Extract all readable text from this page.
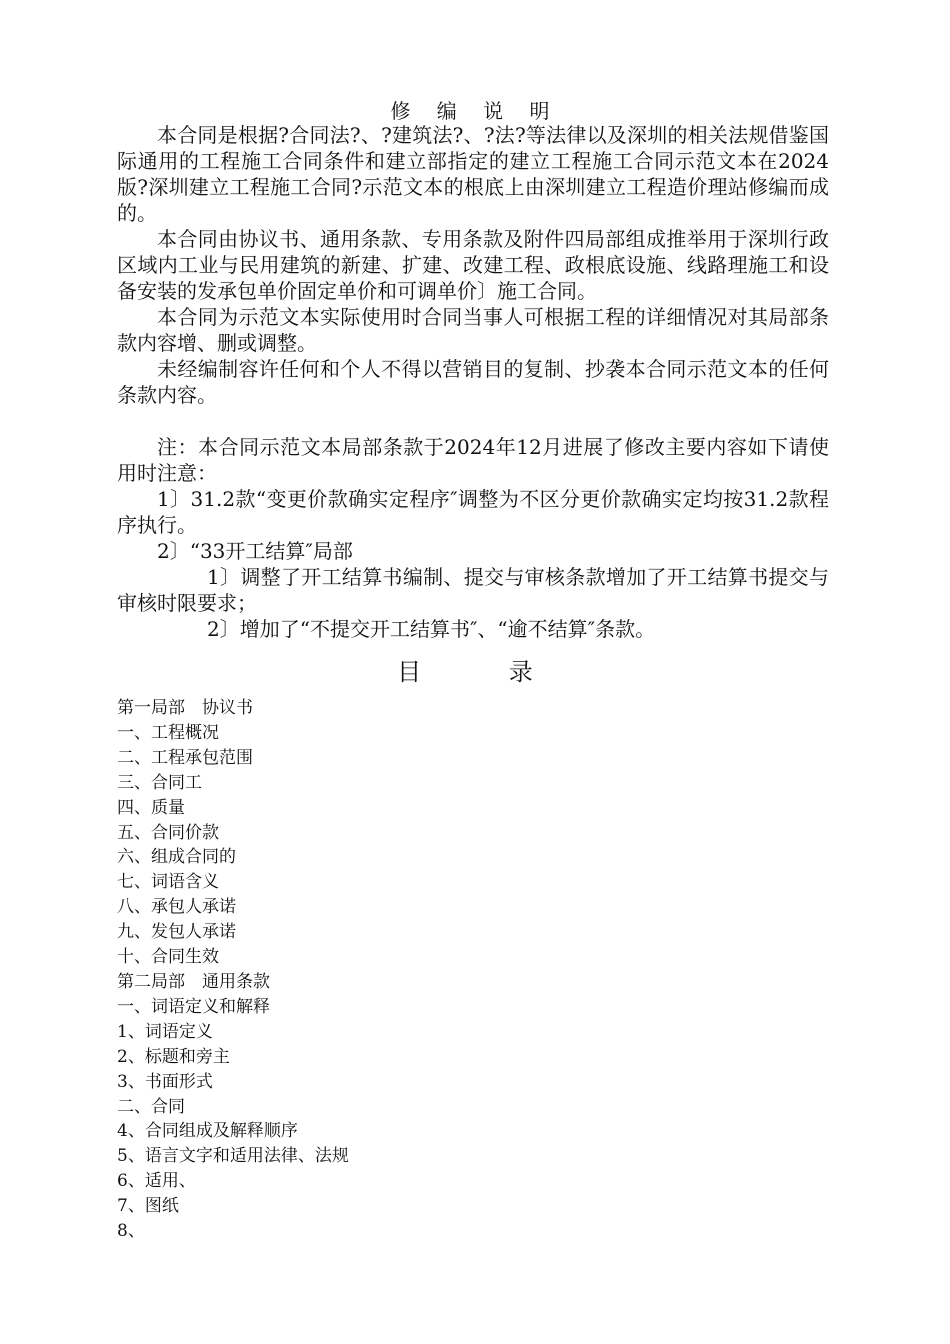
修 编 说 明

本合同是根据?合同法?、?建筑法?、?法?等法律以及深圳的相关法规借鉴国际通用的工程施工合同条件和建立部指定的建立工程施工合同示范文本在2024版?深圳建立工程施工合同?示范文本的根底上由深圳建立工程造价理站修编而成的。

本合同由协议书、通用条款、专用条款及附件四局部组成推举用于深圳行政区域内工业与民用建筑的新建、扩建、改建工程、政根底设施、线路理施工和设备安装的发承包单价固定单价和可调单价〕施工合同。

本合同为示范文本实际使用时合同当事人可根据工程的详细情况对其局部条款内容增、删或调整。

未经编制容许任何和个人不得以营销目的复制、抄袭本合同示范文本的任何条款内容。

注：本合同示范文本局部条款于2024年12月进展了修改主要内容如下请使用时注意：

1〕31.2款“变更价款确实定程序″调整为不区分更价款确实定均按31.2款程序执行。

2〕“33开工结算″局部

1〕调整了开工结算书编制、提交与审核条款增加了开工结算书提交与审核时限要求；

2〕增加了“不提交开工结算书″、“逾不结算″条款。

目 录
第一局部　协议书
一、工程概况
二、工程承包范围
三、合同工
四、质量
五、合同价款
六、组成合同的
七、词语含义
八、承包人承诺
九、发包人承诺
十、合同生效
第二局部　通用条款
一、词语定义和解释
1、词语定义
2、标题和旁主
3、书面形式
二、合同
4、合同组成及解释顺序
5、语言文字和适用法律、法规
6、适用、
7、图纸
8、
